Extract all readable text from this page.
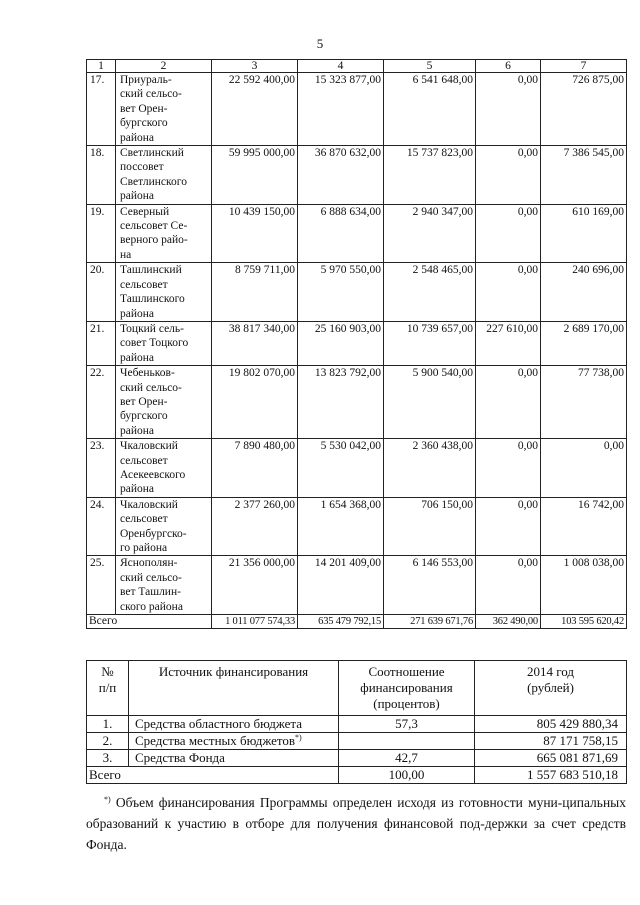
5
1	2	3	4	5	6	7
17.	Приураль-
ский сельсо-
вет Орен-
бургского
района	22 592 400,00	15 323 877,00	6 541 648,00	0,00	726 875,00
18.	Светлинский
поссовет
Светлинского
района	59 995 000,00	36 870 632,00	15 737 823,00	0,00	7 386 545,00
19.	Северный
сельсовет Се-
верного райо-
на	10 439 150,00	6 888 634,00	2 940 347,00	0,00	610 169,00
20.	Ташлинский
сельсовет
Ташлинского
района	8 759 711,00	5 970 550,00	2 548 465,00	0,00	240 696,00
21.	Тоцкий сель-
совет Тоцкого
района	38 817 340,00	25 160 903,00	10 739 657,00	227 610,00	2 689 170,00
22.	Чебеньков-
ский сельсо-
вет Орен-
бургского
района	19 802 070,00	13 823 792,00	5 900 540,00	0,00	77 738,00
23.	Чкаловский
сельсовет
Асекеевского
района	7 890 480,00	5 530 042,00	2 360 438,00	0,00	0,00
24.	Чкаловский
сельсовет
Оренбургско-
го района	2 377 260,00	1 654 368,00	706 150,00	0,00	16 742,00
25.	Яснополян-
ский сельсо-
вет Ташлин-
ского района	21 356 000,00	14 201 409,00	6 146 553,00	0,00	1 008 038,00
Всего		1 011 077 574,33	635 479 792,15	271 639 671,76	362 490,00	103 595 620,42
№
п/п	Источник финансирования	Соотношение
финансирования
(процентов)	2014 год
(рублей)
1.	Средства областного бюджета	57,3	805 429 880,34
2.	Средства местных бюджетов*)		87 171 758,15
3.	Средства Фонда	42,7	665 081 871,69
Всего		100,00	1 557 683 510,18
*) Объем финансирования Программы определен исходя из готовности муни-ципальных образований к участию в отборе для получения финансовой под-держки за счет средств Фонда.
